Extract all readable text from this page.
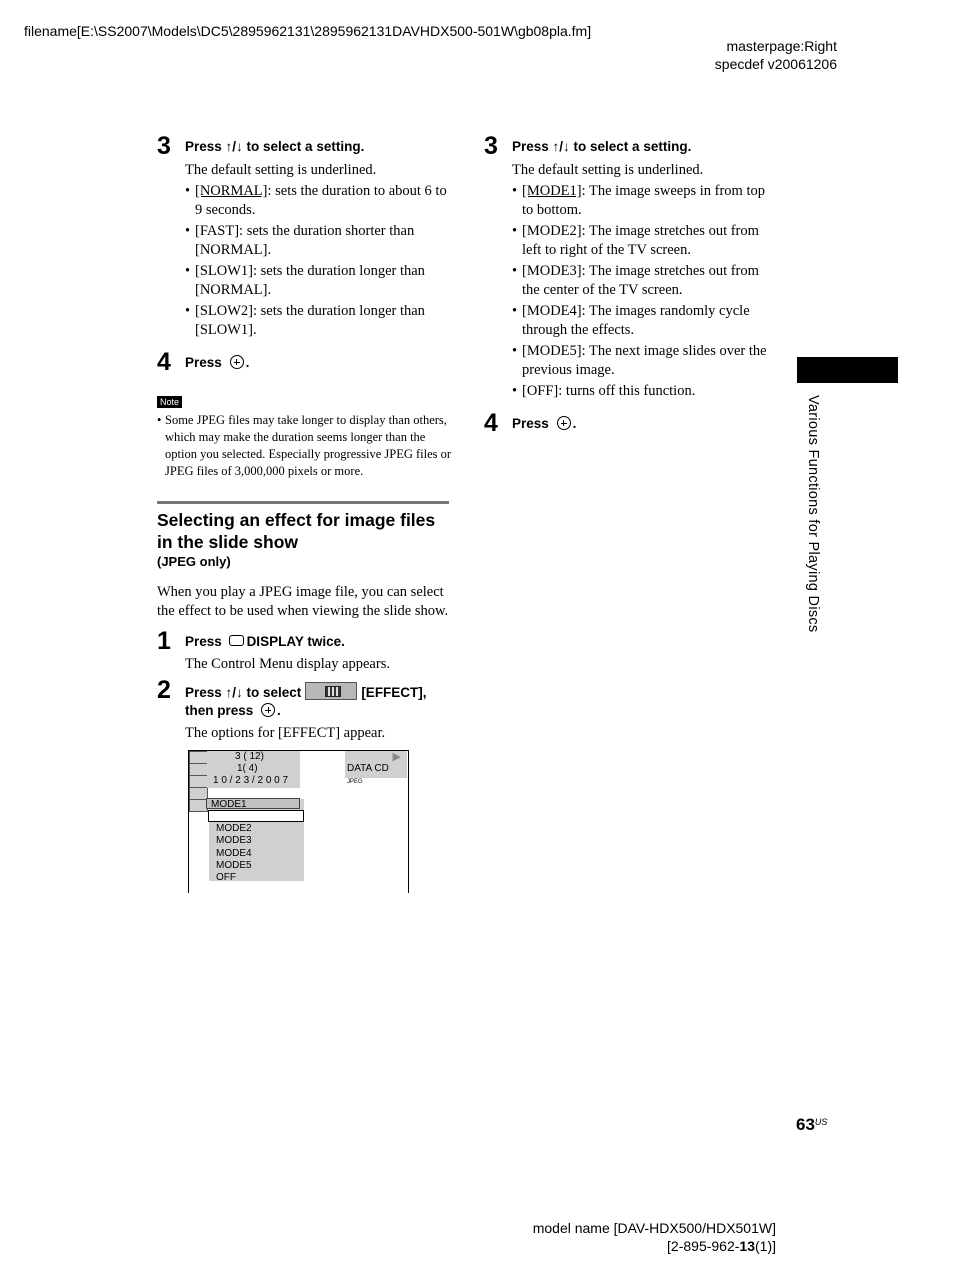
filename[E:\SS2007\Models\DC5\2895962131\2895962131DAVHDX500-501W\gb08pla.fm]
masterpage:Right
specdef v20061206
3 Press ↑/↓ to select a setting.
The default setting is underlined.
• [NORMAL]: sets the duration to about 6 to 9 seconds.
• [FAST]: sets the duration shorter than [NORMAL].
• [SLOW1]: sets the duration longer than [NORMAL].
• [SLOW2]: sets the duration longer than [SLOW1].
4 Press .
Note
• Some JPEG files may take longer to display than others, which may make the duration seems longer than the option you selected. Especially progressive JPEG files or JPEG files of 3,000,000 pixels or more.
Selecting an effect for image files in the slide show
(JPEG only)
When you play a JPEG image file, you can select the effect to be used when viewing the slide show.
1 Press DISPLAY twice.
The Control Menu display appears.
2 Press ↑/↓ to select	[EFFECT],
then press .
The options for [EFFECT] appear.
3 ( 12)
1( 4)
1 0 / 2 3 / 2 0 0 7
▶
DATA CD JPEG
MODE2
MODE3
MODE4
MODE5
OFF
MODE1
3 Press ↑/↓ to select a setting.
The default setting is underlined.
• [MODE1]: The image sweeps in from top to bottom.
• [MODE2]: The image stretches out from left to right of the TV screen.
• [MODE3]: The image stretches out from the center of the TV screen.
• [MODE4]: The images randomly cycle through the effects.
• [MODE5]: The next image slides over the previous image.
• [OFF]: turns off this function.
4 Press .	Various Functions for Playing Discs
$63^{US}$
model name [DAV-HDX500/HDX501W]
[2-895-962-13(1)]
